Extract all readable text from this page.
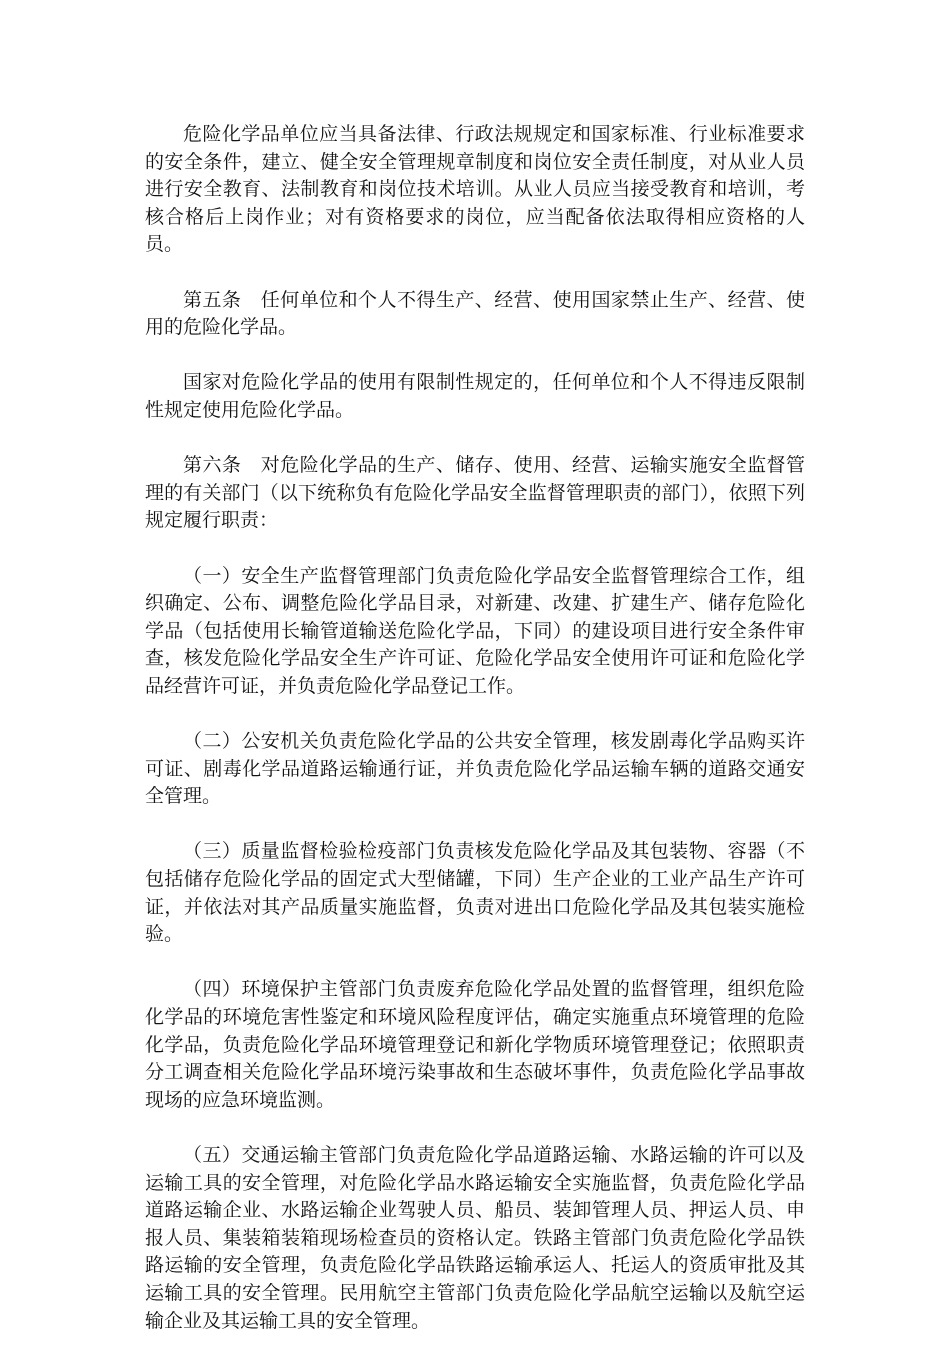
危险化学品单位应当具备法律、行政法规规定和国家标准、行业标准要求的安全条件，建立、健全安全管理规章制度和岗位安全责任制度，对从业人员进行安全教育、法制教育和岗位技术培训。从业人员应当接受教育和培训，考核合格后上岗作业；对有资格要求的岗位，应当配备依法取得相应资格的人员。

第五条　任何单位和个人不得生产、经营、使用国家禁止生产、经营、使用的危险化学品。

国家对危险化学品的使用有限制性规定的，任何单位和个人不得违反限制性规定使用危险化学品。

第六条　对危险化学品的生产、储存、使用、经营、运输实施安全监督管理的有关部门（以下统称负有危险化学品安全监督管理职责的部门），依照下列规定履行职责：

（一）安全生产监督管理部门负责危险化学品安全监督管理综合工作，组织确定、公布、调整危险化学品目录，对新建、改建、扩建生产、储存危险化学品（包括使用长输管道输送危险化学品，下同）的建设项目进行安全条件审查，核发危险化学品安全生产许可证、危险化学品安全使用许可证和危险化学品经营许可证，并负责危险化学品登记工作。

（二）公安机关负责危险化学品的公共安全管理，核发剧毒化学品购买许可证、剧毒化学品道路运输通行证，并负责危险化学品运输车辆的道路交通安全管理。

（三）质量监督检验检疫部门负责核发危险化学品及其包装物、容器（不包括储存危险化学品的固定式大型储罐，下同）生产企业的工业产品生产许可证，并依法对其产品质量实施监督，负责对进出口危险化学品及其包装实施检验。

（四）环境保护主管部门负责废弃危险化学品处置的监督管理，组织危险化学品的环境危害性鉴定和环境风险程度评估，确定实施重点环境管理的危险化学品，负责危险化学品环境管理登记和新化学物质环境管理登记；依照职责分工调查相关危险化学品环境污染事故和生态破坏事件，负责危险化学品事故现场的应急环境监测。

（五）交通运输主管部门负责危险化学品道路运输、水路运输的许可以及运输工具的安全管理，对危险化学品水路运输安全实施监督，负责危险化学品道路运输企业、水路运输企业驾驶人员、船员、装卸管理人员、押运人员、申报人员、集装箱装箱现场检查员的资格认定。铁路主管部门负责危险化学品铁路运输的安全管理，负责危险化学品铁路运输承运人、托运人的资质审批及其运输工具的安全管理。民用航空主管部门负责危险化学品航空运输以及航空运输企业及其运输工具的安全管理。
